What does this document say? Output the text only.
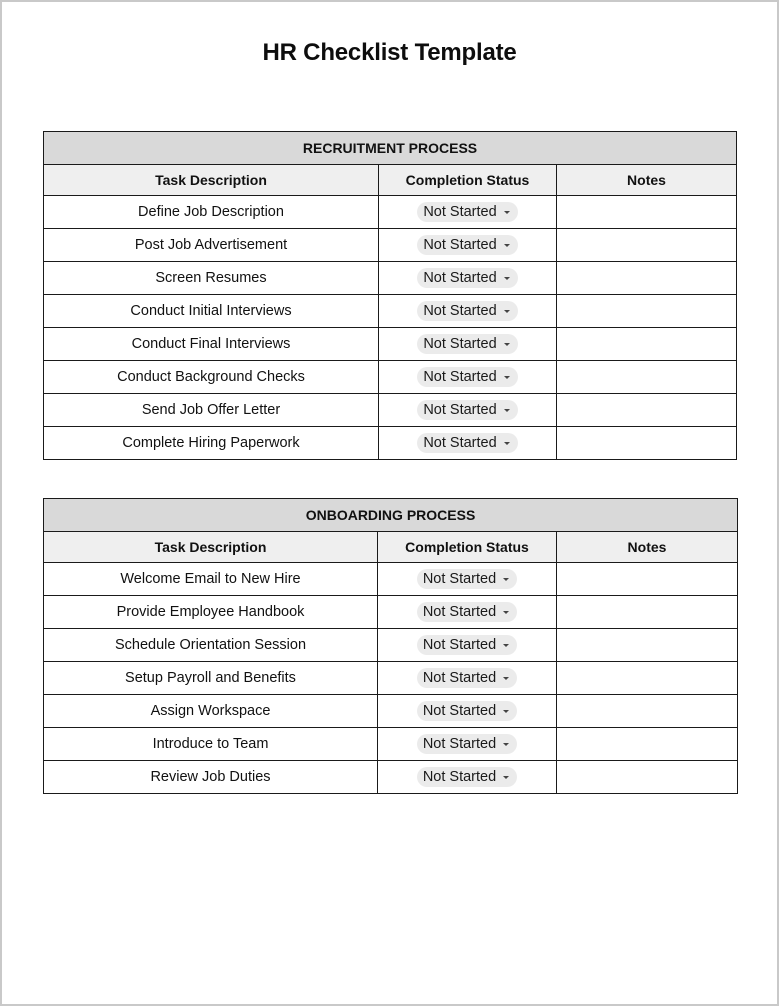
HR Checklist Template
RECRUITMENT PROCESS		
Task Description	Completion Status	Notes
Define Job Description	Not Started	

Post Job Advertisement	Not Started	

Screen Resumes	Not Started	

Conduct Initial Interviews	Not Started	

Conduct Final Interviews	Not Started	

Conduct Background Checks	Not Started	

Send Job Offer Letter	Not Started	

Complete Hiring Paperwork	Not Started	

ONBOARDING PROCESS		
Task Description	Completion Status	Notes
Welcome Email to New Hire	Not Started	

Provide Employee Handbook	Not Started	

Schedule Orientation Session	Not Started	

Setup Payroll and Benefits	Not Started	

Assign Workspace	Not Started	

Introduce to Team	Not Started	

Review Job Duties	Not Started	
